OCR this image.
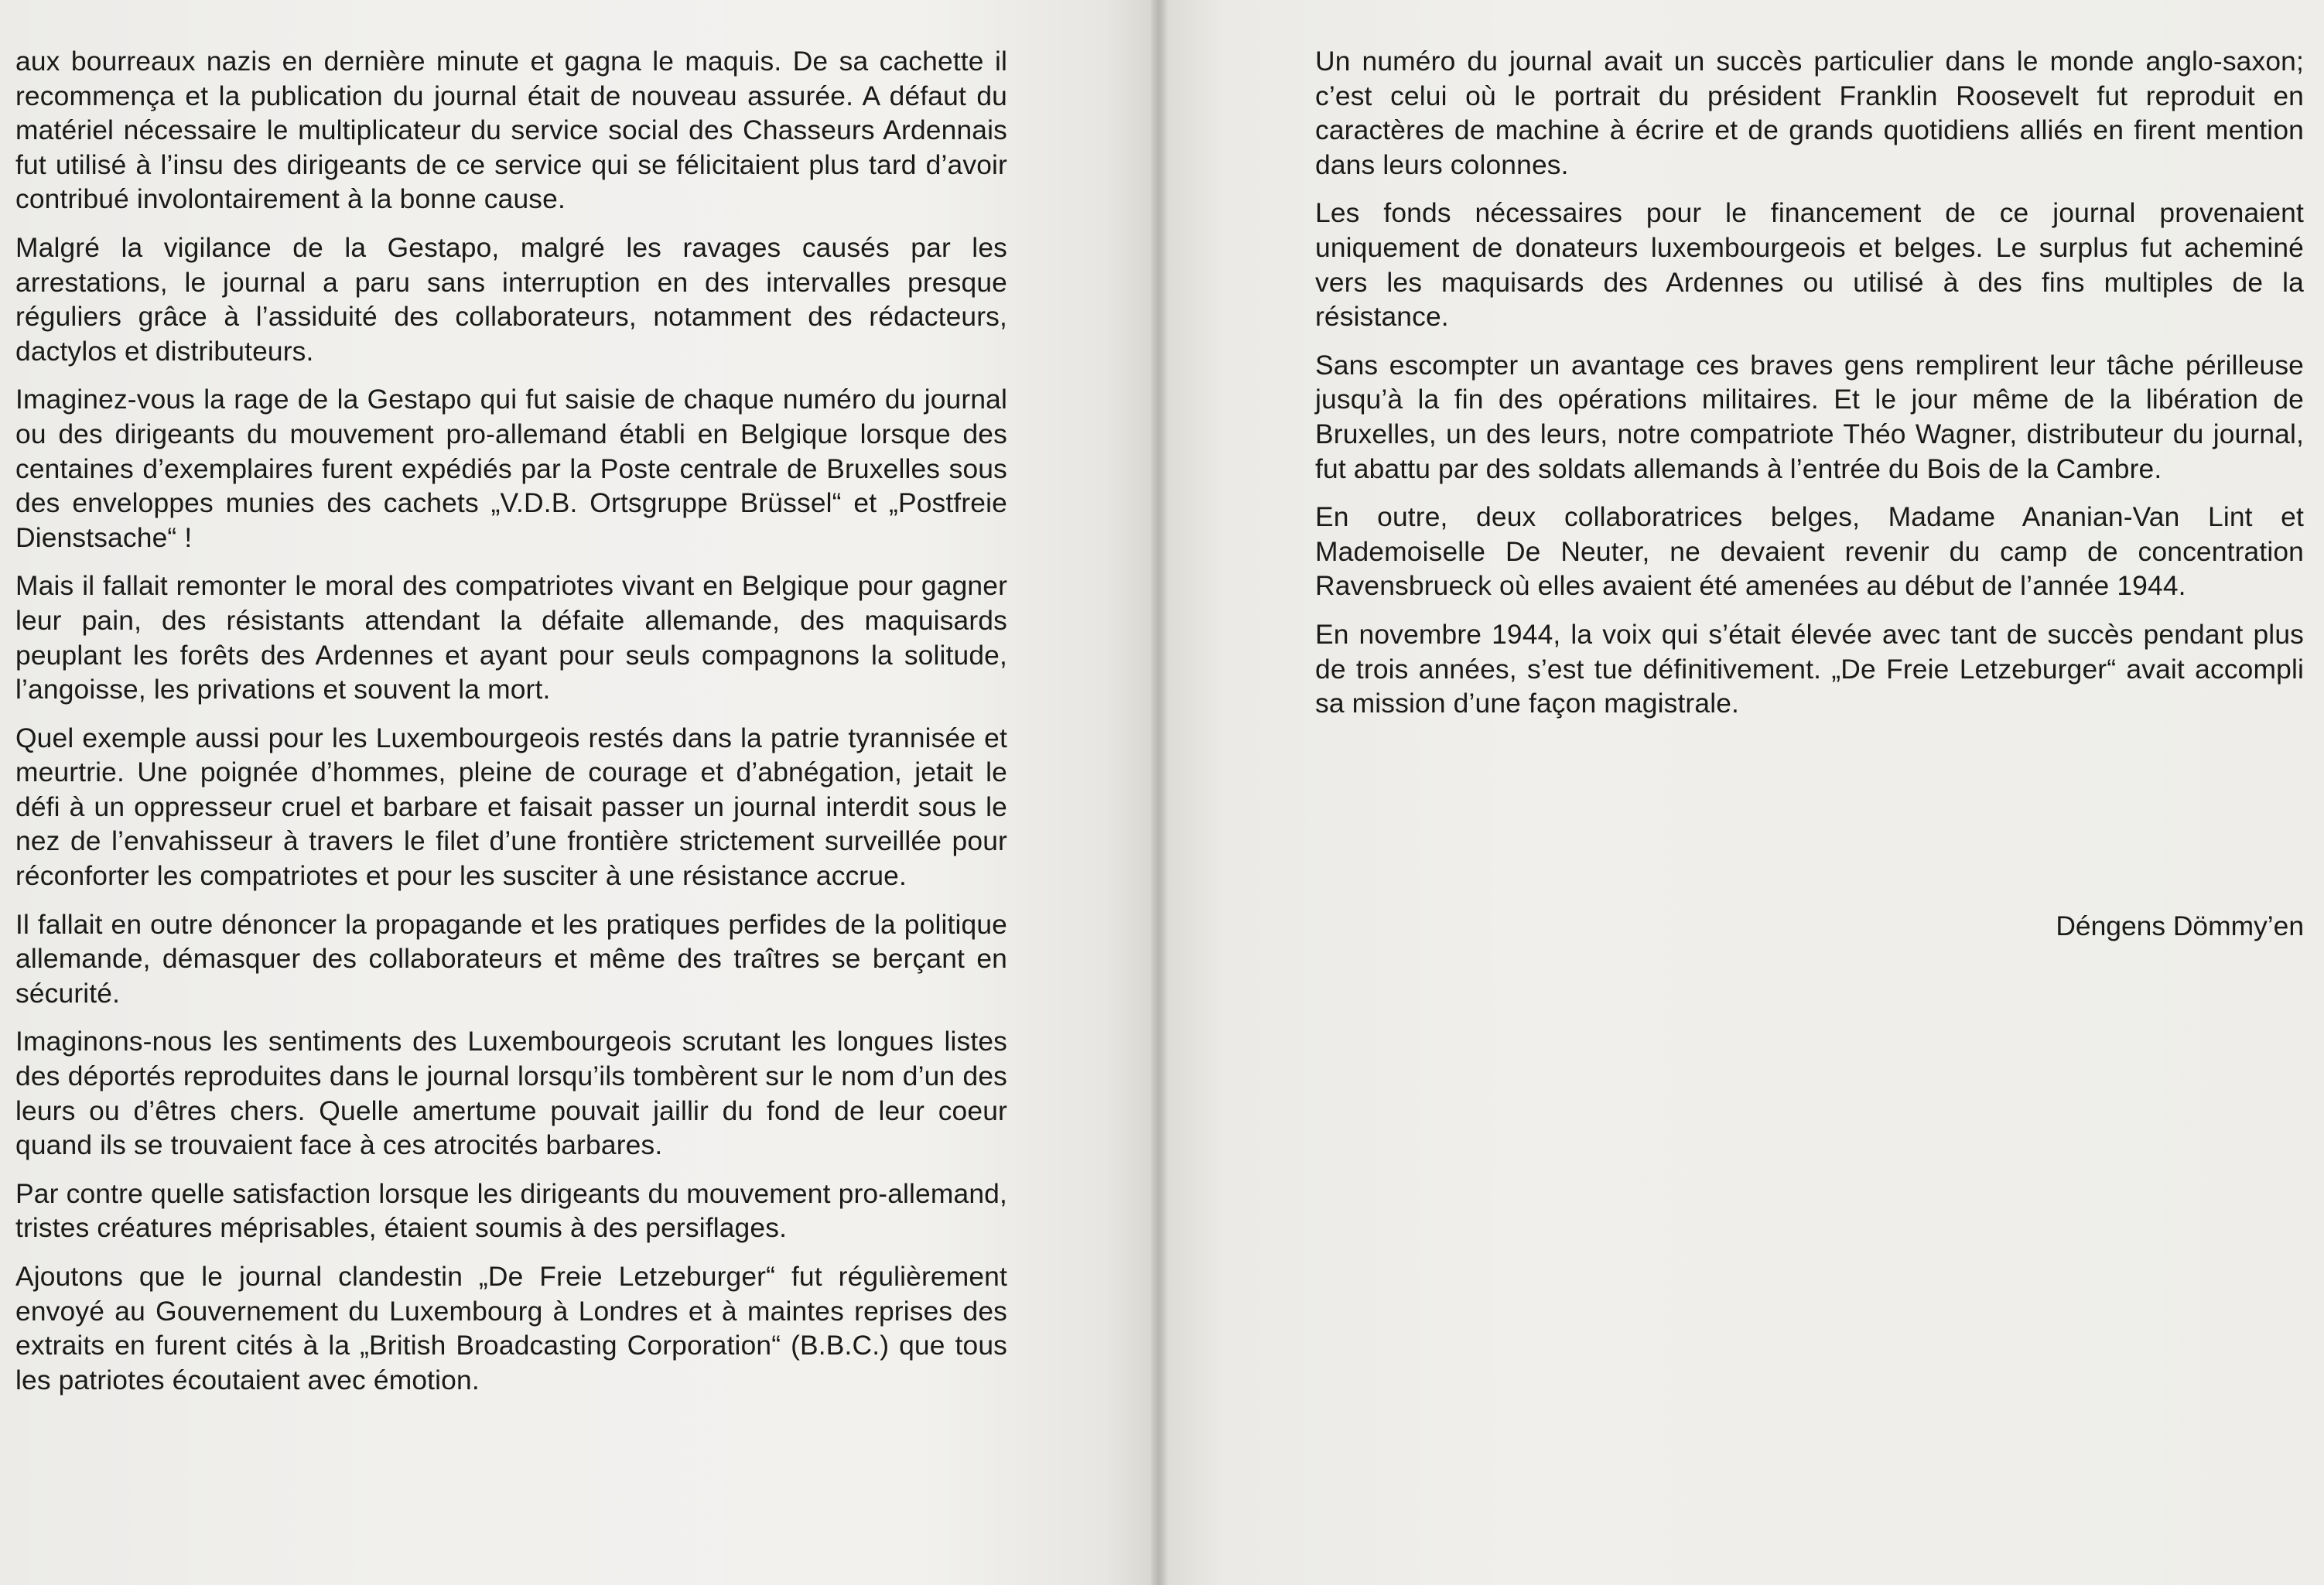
aux bourreaux nazis en dernière minute et gagna le maquis. De sa cachette il recommença et la publication du journal était de nouveau assurée. A défaut du matériel nécessaire le multiplicateur du service social des Chasseurs Ardennais fut utilisé à l’insu des dirigeants de ce service qui se félicitaient plus tard d’avoir contribué involontairement à la bonne cause.

Malgré la vigilance de la Gestapo, malgré les ravages causés par les arrestations, le journal a paru sans interruption en des intervalles presque réguliers grâce à l’assiduité des collaborateurs, notamment des rédacteurs, dactylos et distributeurs.

Imaginez-vous la rage de la Gestapo qui fut saisie de chaque numéro du journal ou des dirigeants du mouvement pro-allemand établi en Belgique lorsque des centaines d’exemplaires furent expédiés par la Poste centrale de Bruxelles sous des enveloppes munies des cachets „V.D.B. Ortsgruppe Brüssel“ et „Postfreie Dienstsache“ !

Mais il fallait remonter le moral des compatriotes vivant en Belgique pour gagner leur pain, des résistants attendant la défaite allemande, des maquisards peuplant les forêts des Ardennes et ayant pour seuls compagnons la solitude, l’angoisse, les privations et souvent la mort.

Quel exemple aussi pour les Luxembourgeois restés dans la patrie tyrannisée et meurtrie. Une poignée d’hommes, pleine de courage et d’abnégation, jetait le défi à un oppresseur cruel et barbare et faisait passer un journal interdit sous le nez de l’envahisseur à travers le filet d’une frontière strictement surveillée pour réconforter les compatriotes et pour les susciter à une résistance accrue.

Il fallait en outre dénoncer la propagande et les pratiques perfides de la politique allemande, démasquer des collaborateurs et même des traîtres se berçant en sécurité.

Imaginons-nous les sentiments des Luxembourgeois scrutant les longues listes des déportés reproduites dans le journal lorsqu’ils tombèrent sur le nom d’un des leurs ou d’êtres chers. Quelle amertume pouvait jaillir du fond de leur coeur quand ils se trouvaient face à ces atrocités barbares.

Par contre quelle satisfaction lorsque les dirigeants du mouvement pro-allemand, tristes créatures méprisables, étaient soumis à des persiflages.

Ajoutons que le journal clandestin „De Freie Letzeburger“ fut régulièrement envoyé au Gouvernement du Luxembourg à Londres et à maintes reprises des extraits en furent cités à la „British Broadcasting Corporation“ (B.B.C.) que tous les patriotes écoutaient avec émotion.

Un numéro du journal avait un succès particulier dans le monde anglo-saxon; c’est celui où le portrait du président Franklin Roosevelt fut reproduit en caractères de machine à écrire et de grands quotidiens alliés en firent mention dans leurs colonnes.

Les fonds nécessaires pour le financement de ce journal provenaient uniquement de donateurs luxembourgeois et belges. Le surplus fut acheminé vers les maquisards des Ardennes ou utilisé à des fins multiples de la résistance.

Sans escompter un avantage ces braves gens remplirent leur tâche périlleuse jusqu’à la fin des opérations militaires. Et le jour même de la libération de Bruxelles, un des leurs, notre compatriote Théo Wagner, distributeur du journal, fut abattu par des soldats allemands à l’entrée du Bois de la Cambre.

En outre, deux collaboratrices belges, Madame Ananian-Van Lint et Mademoiselle De Neuter, ne devaient revenir du camp de concentration Ravensbrueck où elles avaient été amenées au début de l’année 1944.

En novembre 1944, la voix qui s’était élevée avec tant de succès pendant plus de trois années, s’est tue définitivement. „De Freie Letzeburger“ avait accompli sa mission d’une façon magistrale.

Déngens Dömmy’en
